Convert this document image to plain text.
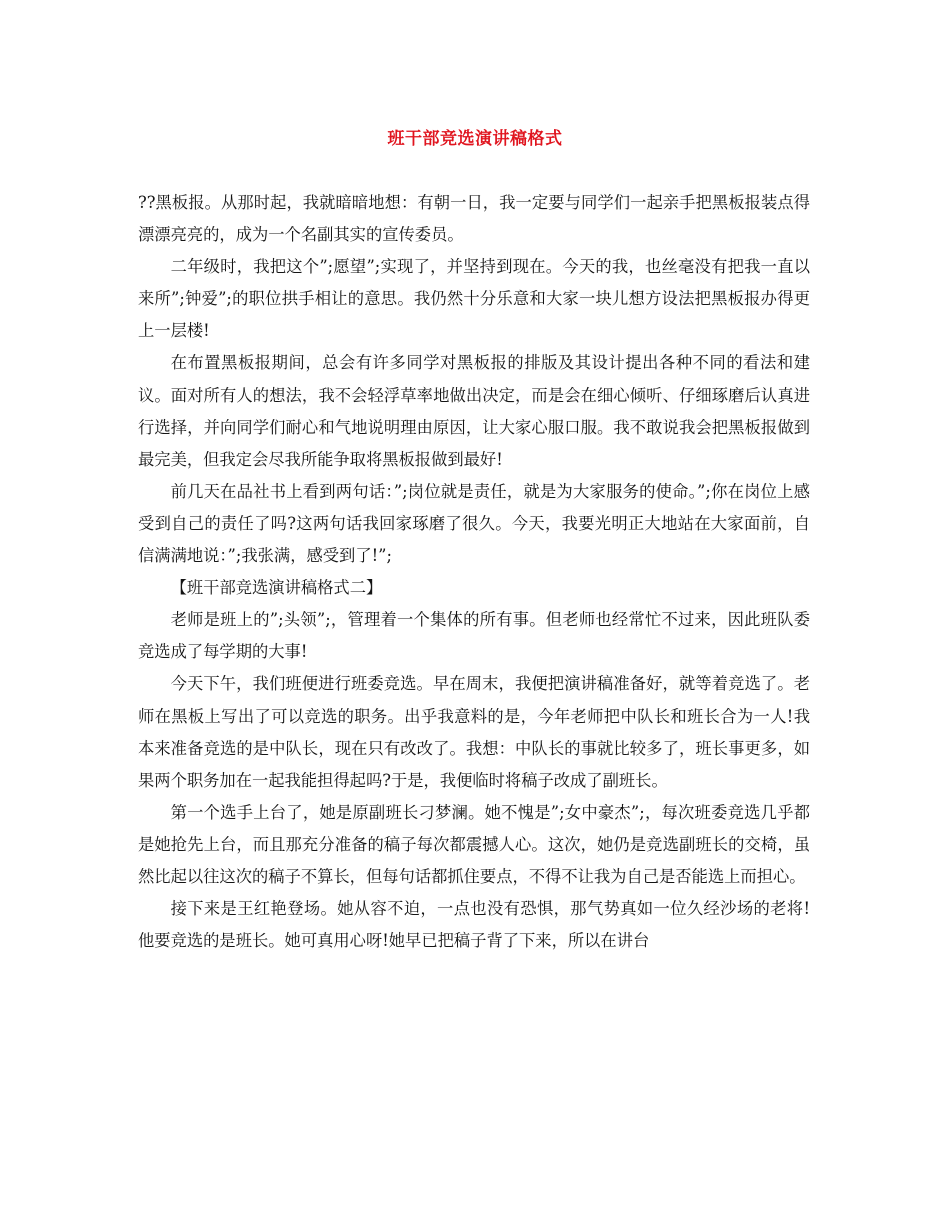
班干部竞选演讲稿格式

??黑板报。从那时起，我就暗暗地想：有朝一日，我一定要与同学们一起亲手把黑板报装点得漂漂亮亮的，成为一个名副其实的宣传委员。

二年级时，我把这个”;愿望”;实现了，并坚持到现在。今天的我，也丝毫没有把我一直以来所”;钟爱”;的职位拱手相让的意思。我仍然十分乐意和大家一块儿想方设法把黑板报办得更上一层楼!

在布置黑板报期间，总会有许多同学对黑板报的排版及其设计提出各种不同的看法和建议。面对所有人的想法，我不会轻浮草率地做出决定，而是会在细心倾听、仔细琢磨后认真进行选择，并向同学们耐心和气地说明理由原因，让大家心服口服。我不敢说我会把黑板报做到最完美，但我定会尽我所能争取将黑板报做到最好!

前几天在品社书上看到两句话：”;岗位就是责任，就是为大家服务的使命。”;你在岗位上感受到自己的责任了吗?这两句话我回家琢磨了很久。今天，我要光明正大地站在大家面前，自信满满地说：”;我张满，感受到了!”;

【班干部竞选演讲稿格式二】

老师是班上的”;头领”;，管理着一个集体的所有事。但老师也经常忙不过来，因此班队委竞选成了每学期的大事!

今天下午，我们班便进行班委竞选。早在周末，我便把演讲稿准备好，就等着竞选了。老师在黑板上写出了可以竞选的职务。出乎我意料的是，今年老师把中队长和班长合为一人!我本来准备竞选的是中队长，现在只有改改了。我想：中队长的事就比较多了，班长事更多，如果两个职务加在一起我能担得起吗?于是，我便临时将稿子改成了副班长。

第一个选手上台了，她是原副班长刁梦澜。她不愧是”;女中豪杰”;，每次班委竞选几乎都是她抢先上台，而且那充分准备的稿子每次都震撼人心。这次，她仍是竞选副班长的交椅，虽然比起以往这次的稿子不算长，但每句话都抓住要点，不得不让我为自己是否能选上而担心。

接下来是王红艳登场。她从容不迫，一点也没有恐惧，那气势真如一位久经沙场的老将!他要竞选的是班长。她可真用心呀!她早已把稿子背了下来，所以在讲台
